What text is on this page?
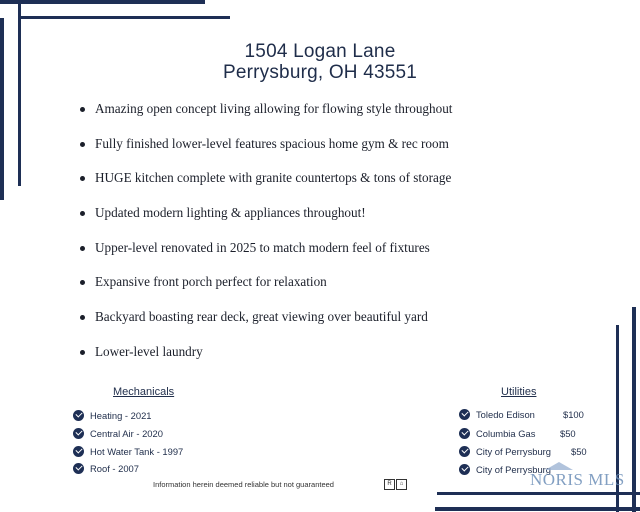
1504 Logan Lane
Perrysburg, OH 43551
Amazing open concept living allowing for flowing style throughout
Fully finished lower-level features spacious home gym & rec room
HUGE kitchen complete with granite countertops & tons of storage
Updated modern lighting & appliances throughout!
Upper-level renovated in 2025 to match modern feel of fixtures
Expansive front porch perfect for relaxation
Backyard boasting rear deck, great viewing over beautiful yard
Lower-level laundry
Mechanicals
Heating - 2021
Central Air - 2020
Hot Water Tank - 1997
Roof - 2007
Utilities
Toledo Edison	$100
Columbia Gas	$50
City of Perrysburg $50
City of Perrysburg
Information herein deemed reliable but not guaranteed	R	⌂	NORIS MLS
